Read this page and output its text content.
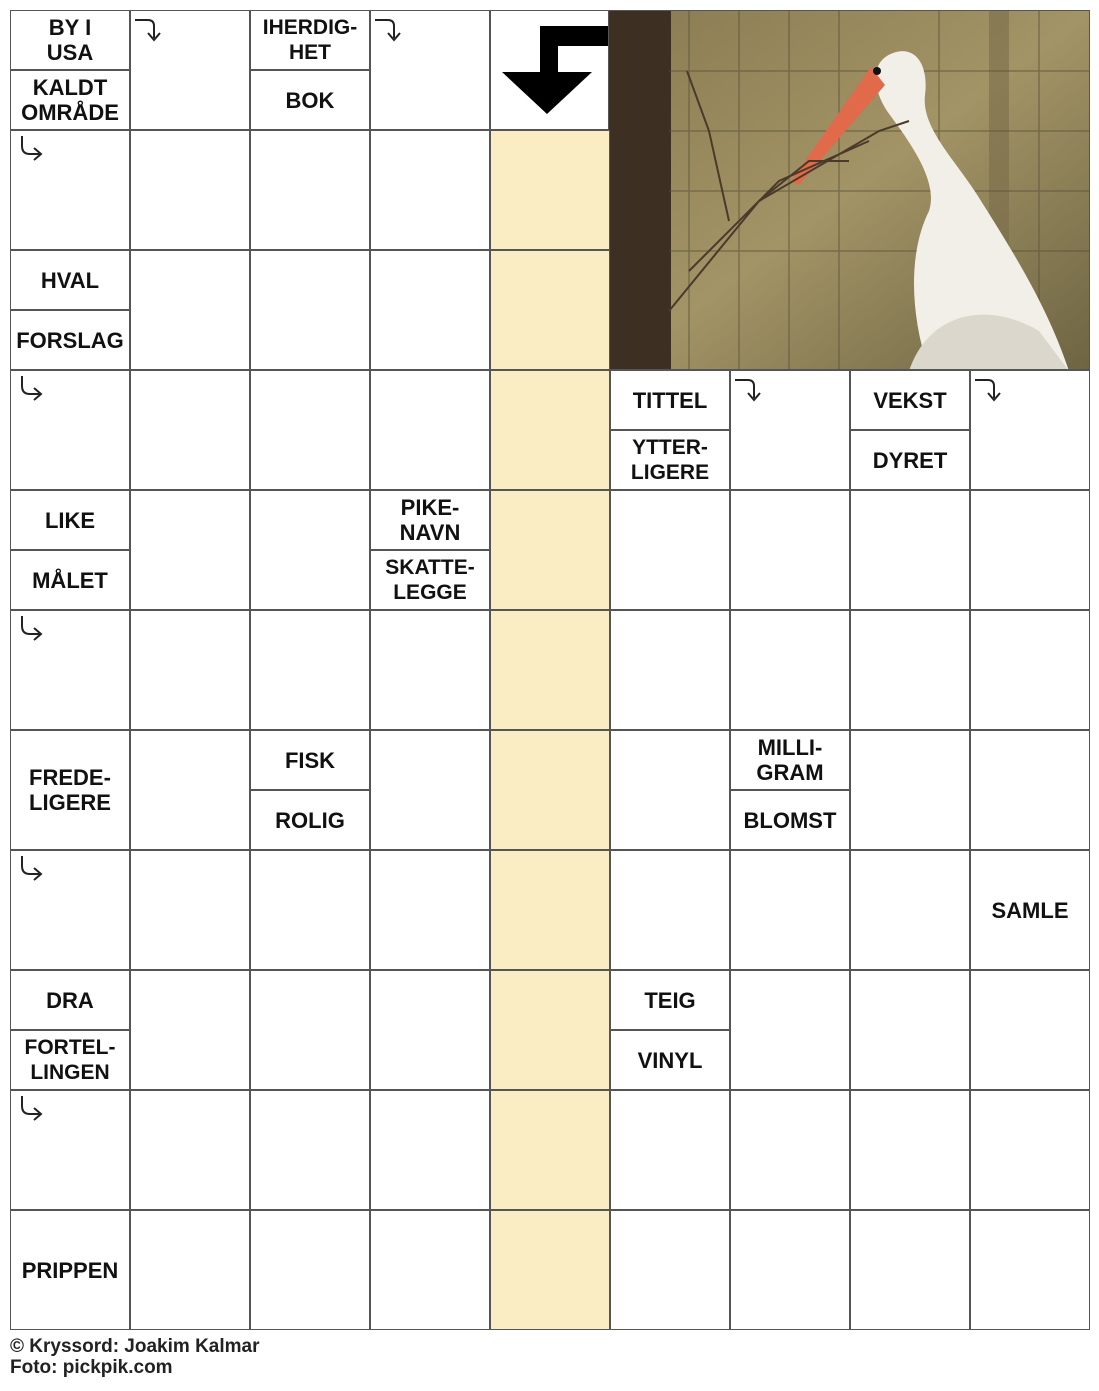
BY I
USA
KALDT
OMRÅDE
IHERDIG-
HET
BOK
HVAL
FORSLAG
TITTEL
YTTER-
LIGERE
VEKST
DYRET
LIKE
MÅLET
PIKE-
NAVN
SKATTE-
LEGGE
FREDE-
LIGERE
FISK
ROLIG
MILLI-
GRAM
BLOMST
SAMLE
DRA
FORTEL-
LINGEN
TEIG
VINYL
PRIPPEN
© Kryssord: Joakim Kalmar
Foto: pickpik.com
